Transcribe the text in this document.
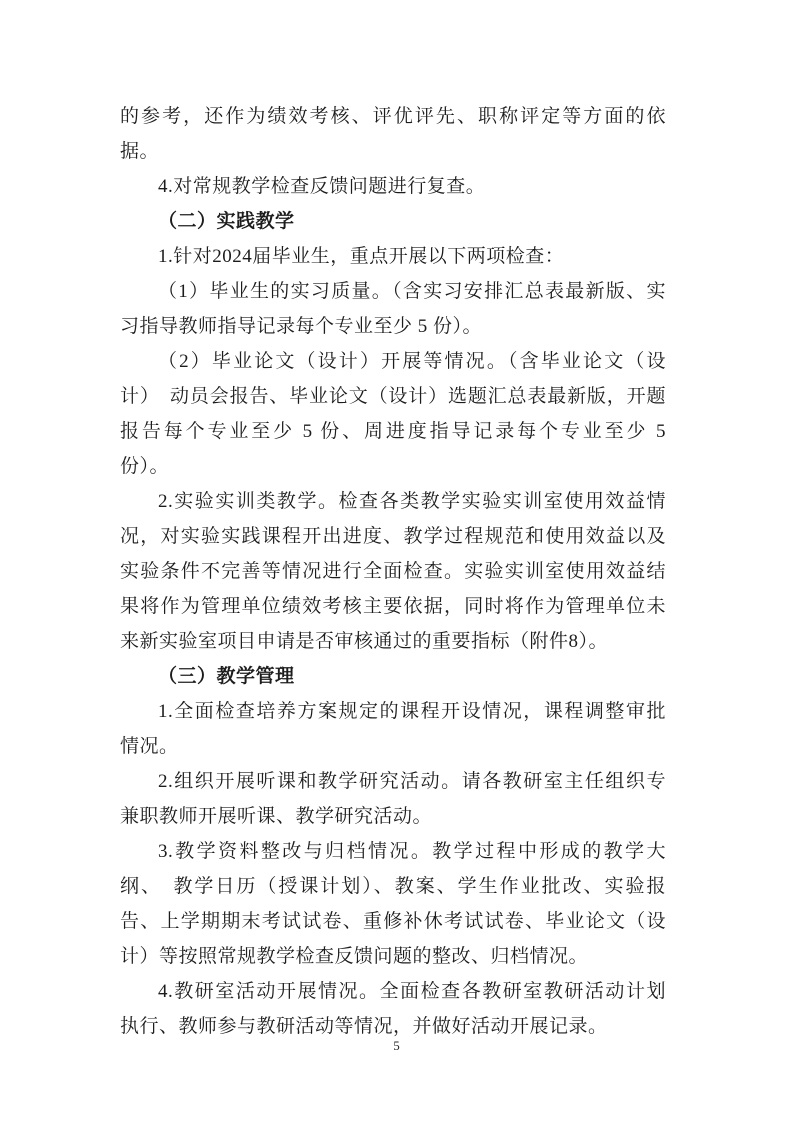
的参考，还作为绩效考核、评优评先、职称评定等方面的依
据。
4.对常规教学检查反馈问题进行复查。
（二）实践教学
1.针对2024届毕业生，重点开展以下两项检查：
（1）毕业生的实习质量。（含实习安排汇总表最新版、实
习指导教师指导记录每个专业至少 5 份）。
（2）毕业论文（设计）开展等情况。（含毕业论文（设
计）　动员会报告、毕业论文（设计）选题汇总表最新版，开题
报告每个专业至少 5 份、周进度指导记录每个专业至少 5
份）。
2.实验实训类教学。检查各类教学实验实训室使用效益情
况，对实验实践课程开出进度、教学过程规范和使用效益以及
实验条件不完善等情况进行全面检查。实验实训室使用效益结
果将作为管理单位绩效考核主要依据，同时将作为管理单位未
来新实验室项目申请是否审核通过的重要指标（附件8）。
（三）教学管理
1.全面检查培养方案规定的课程开设情况，课程调整审批
情况。
2.组织开展听课和教学研究活动。请各教研室主任组织专
兼职教师开展听课、教学研究活动。
3.教学资料整改与归档情况。教学过程中形成的教学大
纲、　教学日历（授课计划）、教案、学生作业批改、实验报
告、上学期期末考试试卷、重修补休考试试卷、毕业论文（设
计）等按照常规教学检查反馈问题的整改、归档情况。
4.教研室活动开展情况。全面检查各教研室教研活动计划
执行、教师参与教研活动等情况，并做好活动开展记录。
5
